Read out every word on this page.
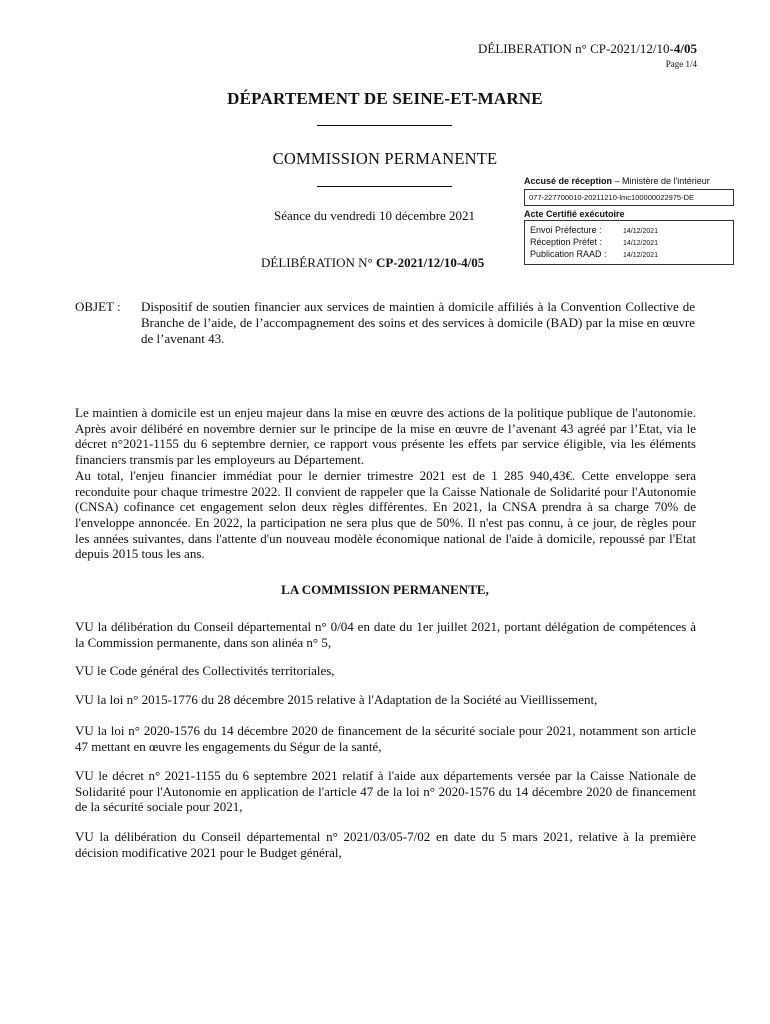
DÉLIBERATION n° CP-2021/12/10-4/05
Page 1/4
DÉPARTEMENT DE SEINE-ET-MARNE
COMMISSION PERMANENTE
Séance du vendredi 10 décembre 2021
DÉLIBÉRATION N° CP-2021/12/10-4/05
Accusé de réception – Ministère de l'intérieur
077-227700010-20211210-lmc100000022975-DE
Acte Certifié exécutoire
Envoi Préfecture :	14/12/2021
Réception Préfet :	14/12/2021
Publication RAAD : 14/12/2021
OBJET : Dispositif de soutien financier aux services de maintien à domicile affiliés à la Convention Collective de Branche de l’aide, de l’accompagnement des soins et des services à domicile (BAD) par la mise en œuvre de l’avenant 43.

Le maintien à domicile est un enjeu majeur dans la mise en œuvre des actions de la politique publique de l'autonomie. Après avoir délibéré en novembre dernier sur le principe de la mise en œuvre de l’avenant 43 agréé par l’Etat, via le décret n°2021-1155 du 6 septembre dernier, ce rapport vous présente les effets par service éligible, via les éléments financiers transmis par les employeurs au Département.

Au total, l'enjeu financier immédiat pour le dernier trimestre 2021 est de 1 285 940,43€. Cette enveloppe sera reconduite pour chaque trimestre 2022. Il convient de rappeler que la Caisse Nationale de Solidarité pour l'Autonomie (CNSA) cofinance cet engagement selon deux règles différentes. En 2021, la CNSA prendra à sa charge 70% de l'enveloppe annoncée. En 2022, la participation ne sera plus que de 50%. Il n'est pas connu, à ce jour, de règles pour les années suivantes, dans l'attente d'un nouveau modèle économique national de l'aide à domicile, repoussé par l'Etat depuis 2015 tous les ans.

LA COMMISSION PERMANENTE,
VU la délibération du Conseil départemental n° 0/04 en date du 1er juillet 2021, portant délégation de compétences à la Commission permanente, dans son alinéa n° 5,
VU le Code général des Collectivités territoriales,
VU la loi n° 2015-1776 du 28 décembre 2015 relative à l'Adaptation de la Société au Vieillissement,
VU la loi n° 2020-1576 du 14 décembre 2020 de financement de la sécurité sociale pour 2021, notamment son article 47 mettant en œuvre les engagements du Ségur de la santé,
VU le décret n° 2021-1155 du 6 septembre 2021 relatif à l'aide aux départements versée par la Caisse Nationale de Solidarité pour l'Autonomie en application de l'article 47 de la loi n° 2020-1576 du 14 décembre 2020 de financement de la sécurité sociale pour 2021,
VU la délibération du Conseil départemental n° 2021/03/05-7/02 en date du 5 mars 2021, relative à la première décision modificative 2021 pour le Budget général,
